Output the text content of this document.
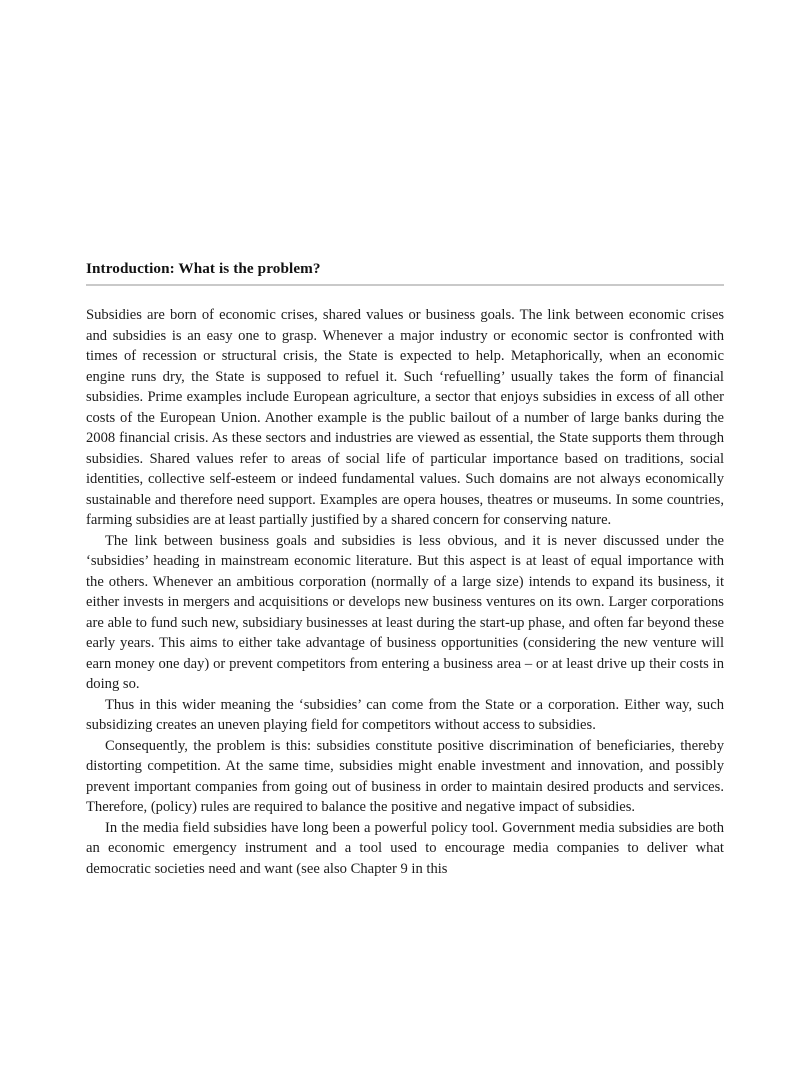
Introduction: What is the problem?

Subsidies are born of economic crises, shared values or business goals. The link between economic crises and subsidies is an easy one to grasp. Whenever a major industry or economic sector is confronted with times of recession or structural crisis, the State is expected to help. Metaphorically, when an economic engine runs dry, the State is supposed to refuel it. Such ‘refuelling’ usually takes the form of financial subsidies. Prime examples include European agriculture, a sector that enjoys subsidies in excess of all other costs of the European Union. Another example is the public bailout of a number of large banks during the 2008 financial crisis. As these sectors and industries are viewed as essential, the State supports them through subsidies. Shared values refer to areas of social life of particular importance based on traditions, social identities, collective self-esteem or indeed fundamental values. Such domains are not always economically sustainable and therefore need support. Examples are opera houses, theatres or museums. In some countries, farming subsidies are at least partially justified by a shared concern for conserving nature.

The link between business goals and subsidies is less obvious, and it is never discussed under the ‘subsidies’ heading in mainstream economic literature. But this aspect is at least of equal importance with the others. Whenever an ambitious corporation (normally of a large size) intends to expand its business, it either invests in mergers and acquisitions or develops new business ventures on its own. Larger corporations are able to fund such new, subsidiary businesses at least during the start-up phase, and often far beyond these early years. This aims to either take advantage of business opportunities (considering the new venture will earn money one day) or prevent competitors from entering a business area – or at least drive up their costs in doing so.

Thus in this wider meaning the ‘subsidies’ can come from the State or a corporation. Either way, such subsidizing creates an uneven playing field for competitors without access to subsidies.

Consequently, the problem is this: subsidies constitute positive discrimination of beneficiaries, thereby distorting competition. At the same time, subsidies might enable investment and innovation, and possibly prevent important companies from going out of business in order to maintain desired products and services. Therefore, (policy) rules are required to balance the positive and negative impact of subsidies.

In the media field subsidies have long been a powerful policy tool. Government media subsidies are both an economic emergency instrument and a tool used to encourage media companies to deliver what democratic societies need and want (see also Chapter 9 in this
